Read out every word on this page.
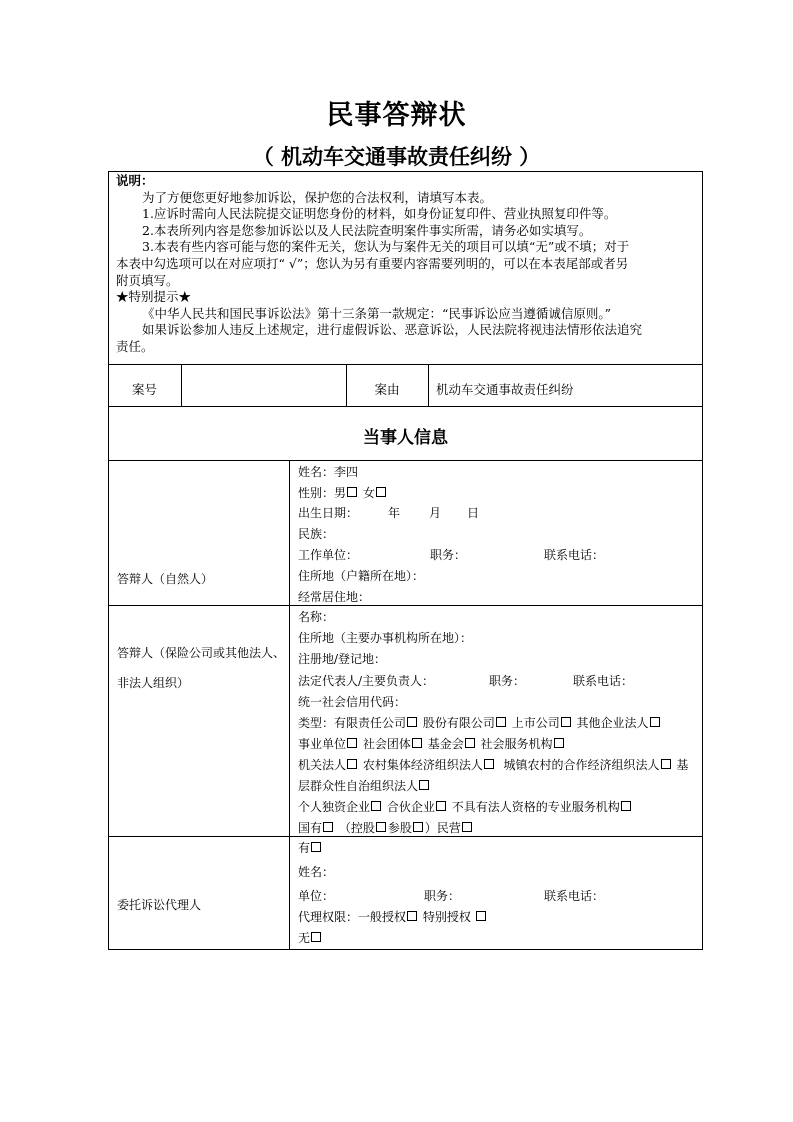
民事答辩状
（ 机动车交通事故责任纠纷 ）
说明：
为了方便您更好地参加诉讼，保护您的合法权利，请填写本表。
1.应诉时需向人民法院提交证明您身份的材料，如身份证复印件、营业执照复印件等。
2.本表所列内容是您参加诉讼以及人民法院查明案件事实所需，请务必如实填写。
3.本表有些内容可能与您的案件无关，您认为与案件无关的项目可以填“无”或不填；对于
本表中勾选项可以在对应项打“ √”；您认为另有重要内容需要列明的，可以在本表尾部或者另
附页填写。
★特别提示★
《中华人民共和国民事诉讼法》第十三条第一款规定：“民事诉讼应当遵循诚信原则。”
如果诉讼参加人违反上述规定，进行虚假诉讼、恶意诉讼，人民法院将视违法情形依法追究
责任。
案号	案由	机动车交通事故责任纠纷
当事人信息
答辩人（自然人）
姓名：李四
性别：男 女
出生日期： 年 月 日
民族：
工作单位：	职务：	联系电话：
住所地（户籍所在地）：
经常居住地：
答辩人（保险公司或其他法人、
非法人组织）
名称：
住所地（主要办事机构所在地）：
注册地/登记地：
法定代表人/主要负责人：	职务：	联系电话：
统一社会信用代码：
类型：有限责任公司 股份有限公司 上市公司 其他企业法人
事业单位 社会团体 基金会 社会服务机构
机关法人 农村集体经济组织法人 城镇农村的合作经济组织法人 基
层群众性自治组织法人
个人独资企业 合伙企业 不具有法人资格的专业服务机构
国有 （控股 参股 ）民营
委托诉讼代理人
有
姓名：
单位：	职务：	联系电话：
代理权限：一般授权 特别授权
无
